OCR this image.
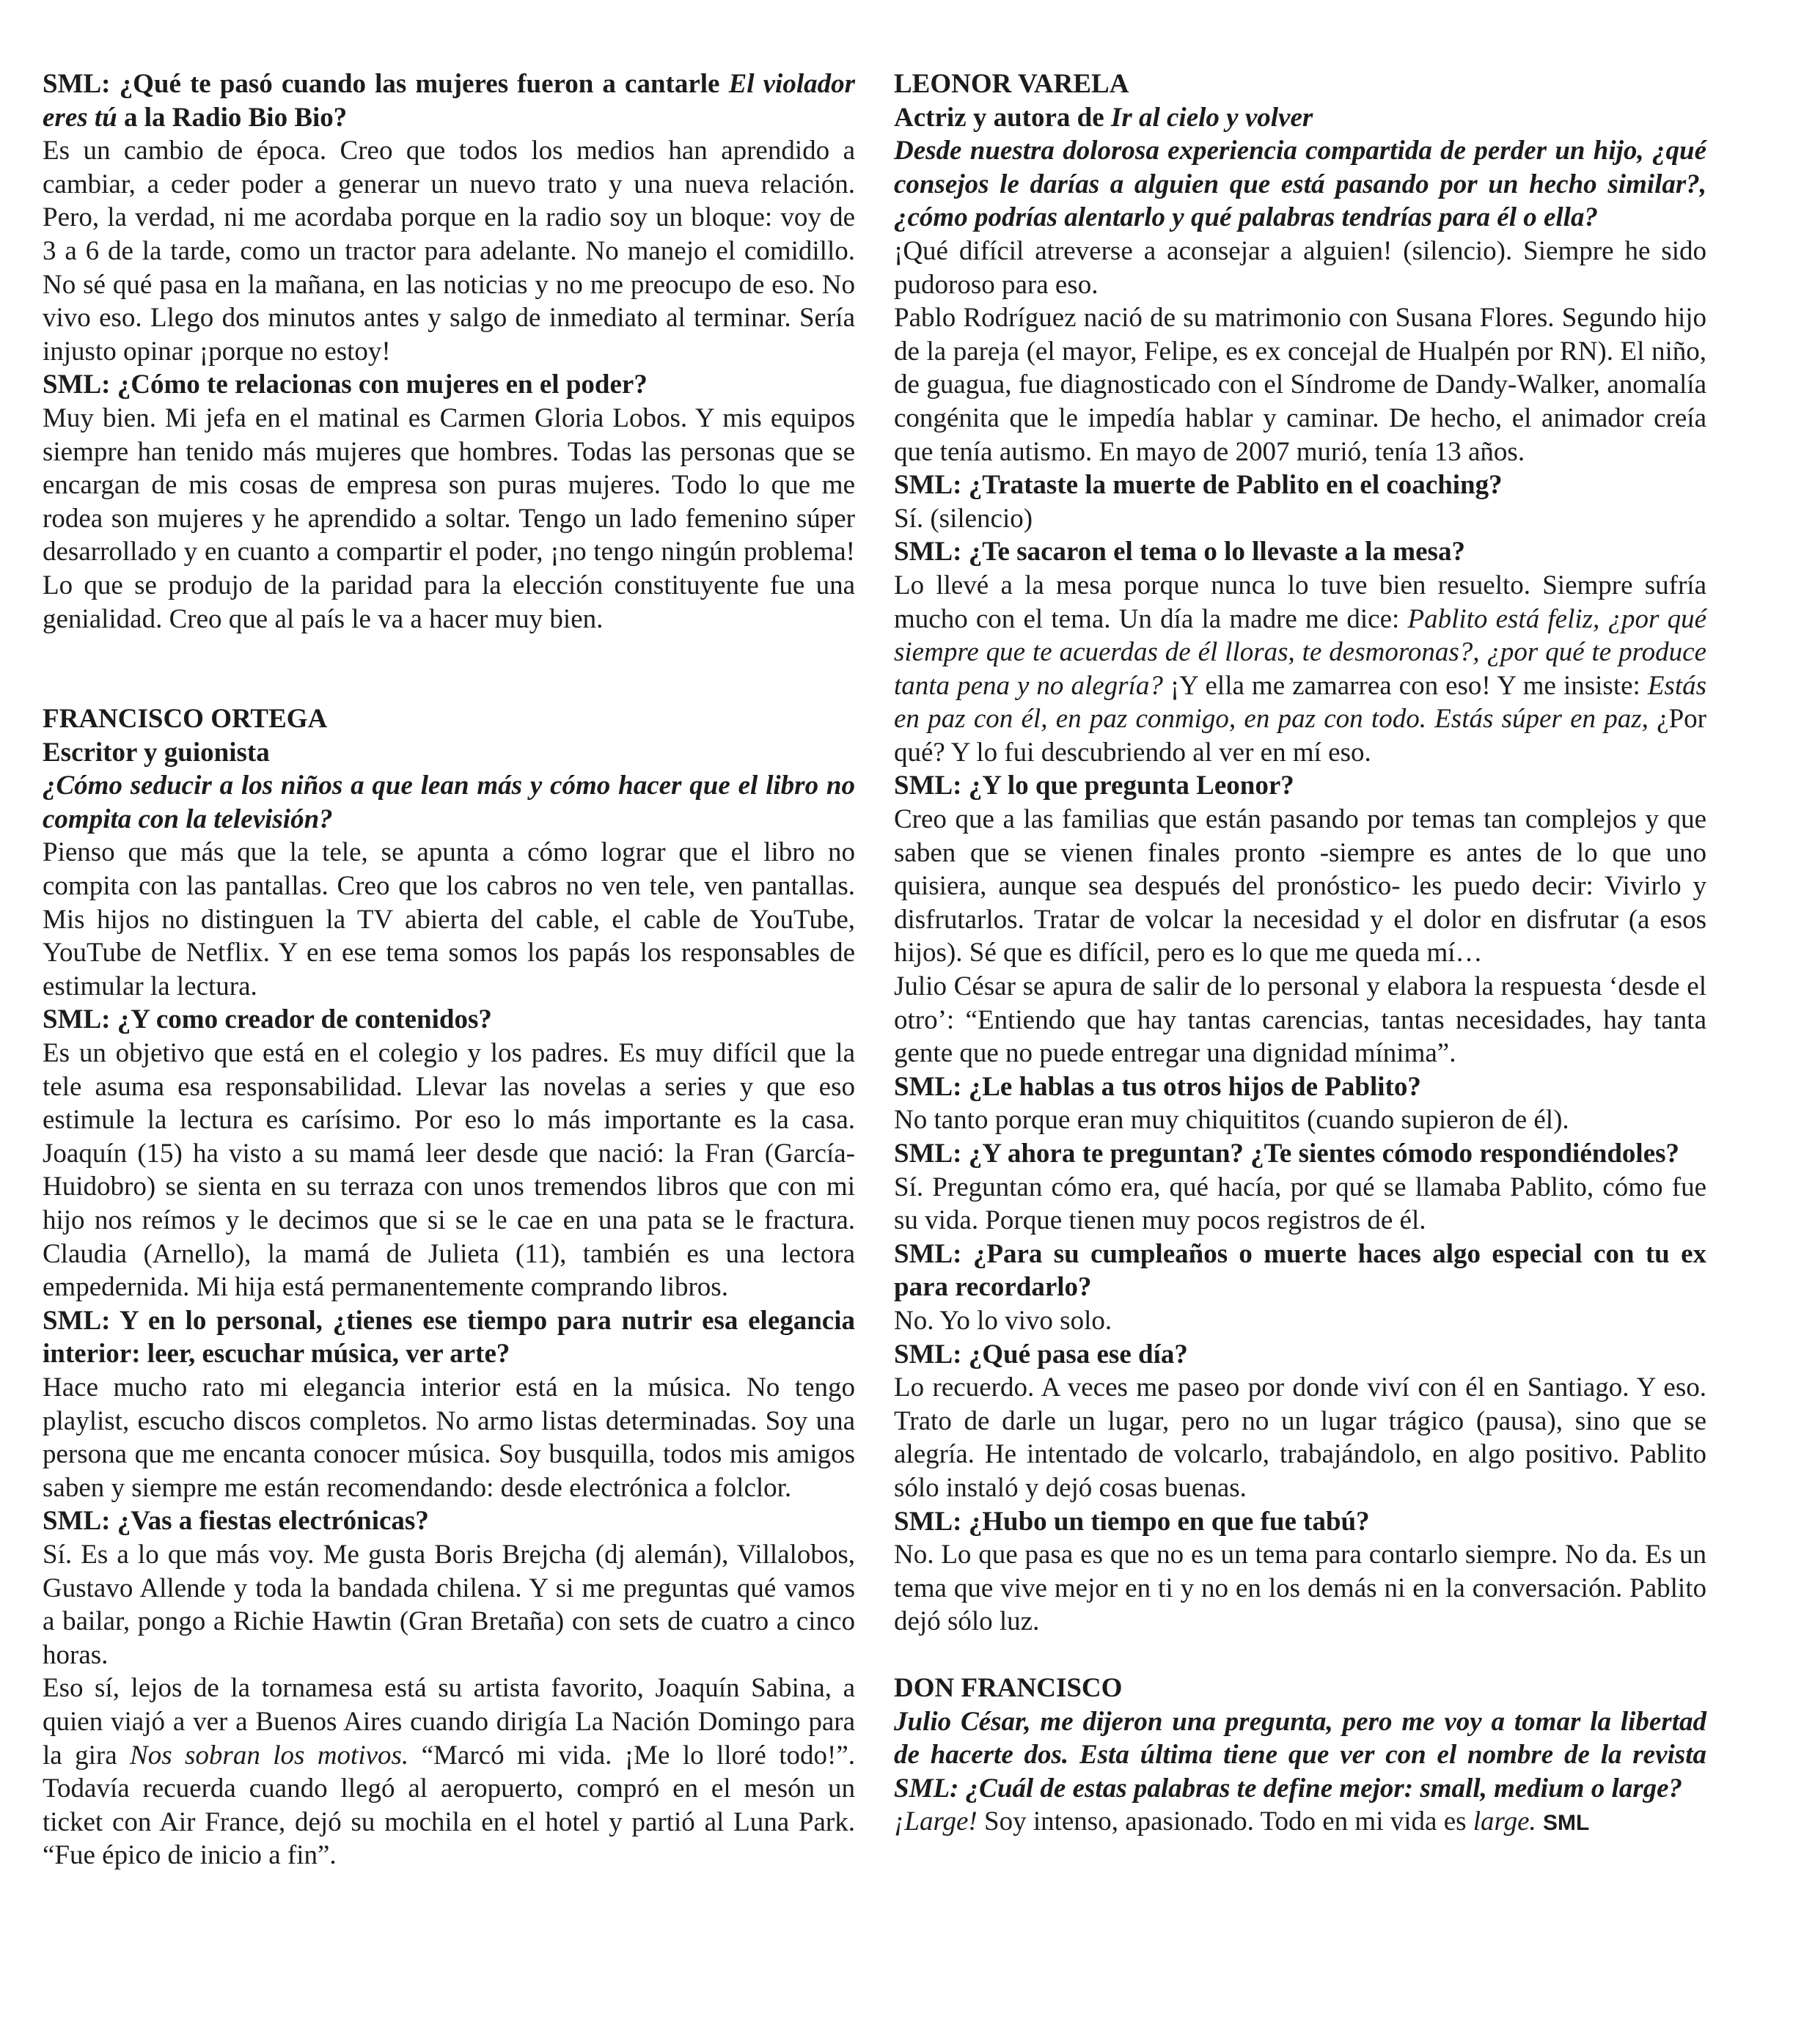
SML: ¿Qué te pasó cuando las mujeres fueron a cantarle El violador eres tú a la Radio Bio Bio?

Es un cambio de época. Creo que todos los medios han aprendido a cambiar, a ceder poder a generar un nuevo trato y una nueva relación. Pero, la verdad, ni me acordaba porque en la radio soy un bloque: voy de 3 a 6 de la tarde, como un tractor para adelante. No manejo el comidillo. No sé qué pasa en la mañana, en las noticias y no me preocupo de eso. No vivo eso. Llego dos minutos antes y salgo de inmediato al terminar. Sería injusto opinar ¡porque no estoy!

SML: ¿Cómo te relacionas con mujeres en el poder?

Muy bien. Mi jefa en el matinal es Carmen Gloria Lobos. Y mis equipos siempre han tenido más mujeres que hombres. Todas las personas que se encargan de mis cosas de empresa son puras mujeres. Todo lo que me rodea son mujeres y he aprendido a soltar. Tengo un lado femenino súper desarrollado y en cuanto a compartir el poder, ¡no tengo ningún problema! Lo que se produjo de la paridad para la elección constituyente fue una genialidad. Creo que al país le va a hacer muy bien.

FRANCISCO ORTEGA

Escritor y guionista

¿Cómo seducir a los niños a que lean más y cómo hacer que el libro no compita con la televisión?

Pienso que más que la tele, se apunta a cómo lograr que el libro no compita con las pantallas. Creo que los cabros no ven tele, ven pantallas. Mis hijos no distinguen la TV abierta del cable, el cable de YouTube, YouTube de Netflix. Y en ese tema somos los papás los responsables de estimular la lectura.

SML: ¿Y como creador de contenidos?

Es un objetivo que está en el colegio y los padres. Es muy difícil que la tele asuma esa responsabilidad. Llevar las novelas a series y que eso estimule la lectura es carísimo. Por eso lo más importante es la casa. Joaquín (15) ha visto a su mamá leer desde que nació: la Fran (García-Huidobro) se sienta en su terraza con unos tremendos libros que con mi hijo nos reímos y le decimos que si se le cae en una pata se le fractura. Claudia (Arnello), la mamá de Julieta (11), también es una lectora empedernida. Mi hija está permanentemente comprando libros.

SML: Y en lo personal, ¿tienes ese tiempo para nutrir esa elegancia interior: leer, escuchar música, ver arte?

Hace mucho rato mi elegancia interior está en la música. No tengo playlist, escucho discos completos. No armo listas determinadas. Soy una persona que me encanta conocer música. Soy busquilla, todos mis amigos saben y siempre me están recomendando: desde electrónica a folclor.

SML: ¿Vas a fiestas electrónicas?

Sí. Es a lo que más voy. Me gusta Boris Brejcha (dj alemán), Villalobos, Gustavo Allende y toda la bandada chilena. Y si me preguntas qué vamos a bailar, pongo a Richie Hawtin (Gran Bretaña) con sets de cuatro a cinco horas.

Eso sí, lejos de la tornamesa está su artista favorito, Joaquín Sabina, a quien viajó a ver a Buenos Aires cuando dirigía La Nación Domingo para la gira Nos sobran los motivos. “Marcó mi vida. ¡Me lo lloré todo!”. Todavía recuerda cuando llegó al aeropuerto, compró en el mesón un ticket con Air France, dejó su mochila en el hotel y partió al Luna Park. “Fue épico de inicio a fin”.

LEONOR VARELA

Actriz y autora de Ir al cielo y volver

Desde nuestra dolorosa experiencia compartida de perder un hijo, ¿qué consejos le darías a alguien que está pasando por un hecho similar?, ¿cómo podrías alentarlo y qué palabras tendrías para él o ella?

¡Qué difícil atreverse a aconsejar a alguien! (silencio). Siempre he sido pudoroso para eso.

Pablo Rodríguez nació de su matrimonio con Susana Flores. Segundo hijo de la pareja (el mayor, Felipe, es ex concejal de Hualpén por RN). El niño, de guagua, fue diagnosticado con el Síndrome de Dandy-Walker, anomalía congénita que le impedía hablar y caminar. De hecho, el animador creía que tenía autismo. En mayo de 2007 murió, tenía 13 años.

SML: ¿Trataste la muerte de Pablito en el coaching?

Sí. (silencio)

SML: ¿Te sacaron el tema o lo llevaste a la mesa?

Lo llevé a la mesa porque nunca lo tuve bien resuelto. Siempre sufría mucho con el tema. Un día la madre me dice: Pablito está feliz, ¿por qué siempre que te acuerdas de él lloras, te desmoronas?, ¿por qué te produce tanta pena y no alegría? ¡Y ella me zamarrea con eso! Y me insiste: Estás en paz con él, en paz conmigo, en paz con todo. Estás súper en paz, ¿Por qué? Y lo fui descubriendo al ver en mí eso.

SML: ¿Y lo que pregunta Leonor?

Creo que a las familias que están pasando por temas tan complejos y que saben que se vienen finales pronto -siempre es antes de lo que uno quisiera, aunque sea después del pronóstico- les puedo decir: Vivirlo y disfrutarlos. Tratar de volcar la necesidad y el dolor en disfrutar (a esos hijos). Sé que es difícil, pero es lo que me queda mí…

Julio César se apura de salir de lo personal y elabora la respuesta ‘desde el otro’: “Entiendo que hay tantas carencias, tantas necesidades, hay tanta gente que no puede entregar una dignidad mínima”.

SML: ¿Le hablas a tus otros hijos de Pablito?

No tanto porque eran muy chiquititos (cuando supieron de él).

SML: ¿Y ahora te preguntan? ¿Te sientes cómodo respondiéndoles?

Sí. Preguntan cómo era, qué hacía, por qué se llamaba Pablito, cómo fue su vida. Porque tienen muy pocos registros de él.

SML: ¿Para su cumpleaños o muerte haces algo especial con tu ex para recordarlo?

No. Yo lo vivo solo.

SML: ¿Qué pasa ese día?

Lo recuerdo. A veces me paseo por donde viví con él en Santiago. Y eso. Trato de darle un lugar, pero no un lugar trágico (pausa), sino que se alegría. He intentado de volcarlo, trabajándolo, en algo positivo. Pablito sólo instaló y dejó cosas buenas.

SML: ¿Hubo un tiempo en que fue tabú?

No. Lo que pasa es que no es un tema para contarlo siempre. No da. Es un tema que vive mejor en ti y no en los demás ni en la conversación. Pablito dejó sólo luz.

DON FRANCISCO

Julio César, me dijeron una pregunta, pero me voy a tomar la libertad de hacerte dos. Esta última tiene que ver con el nombre de la revista SML: ¿Cuál de estas palabras te define mejor: small, medium o large?

¡Large! Soy intenso, apasionado. Todo en mi vida es large. SML
